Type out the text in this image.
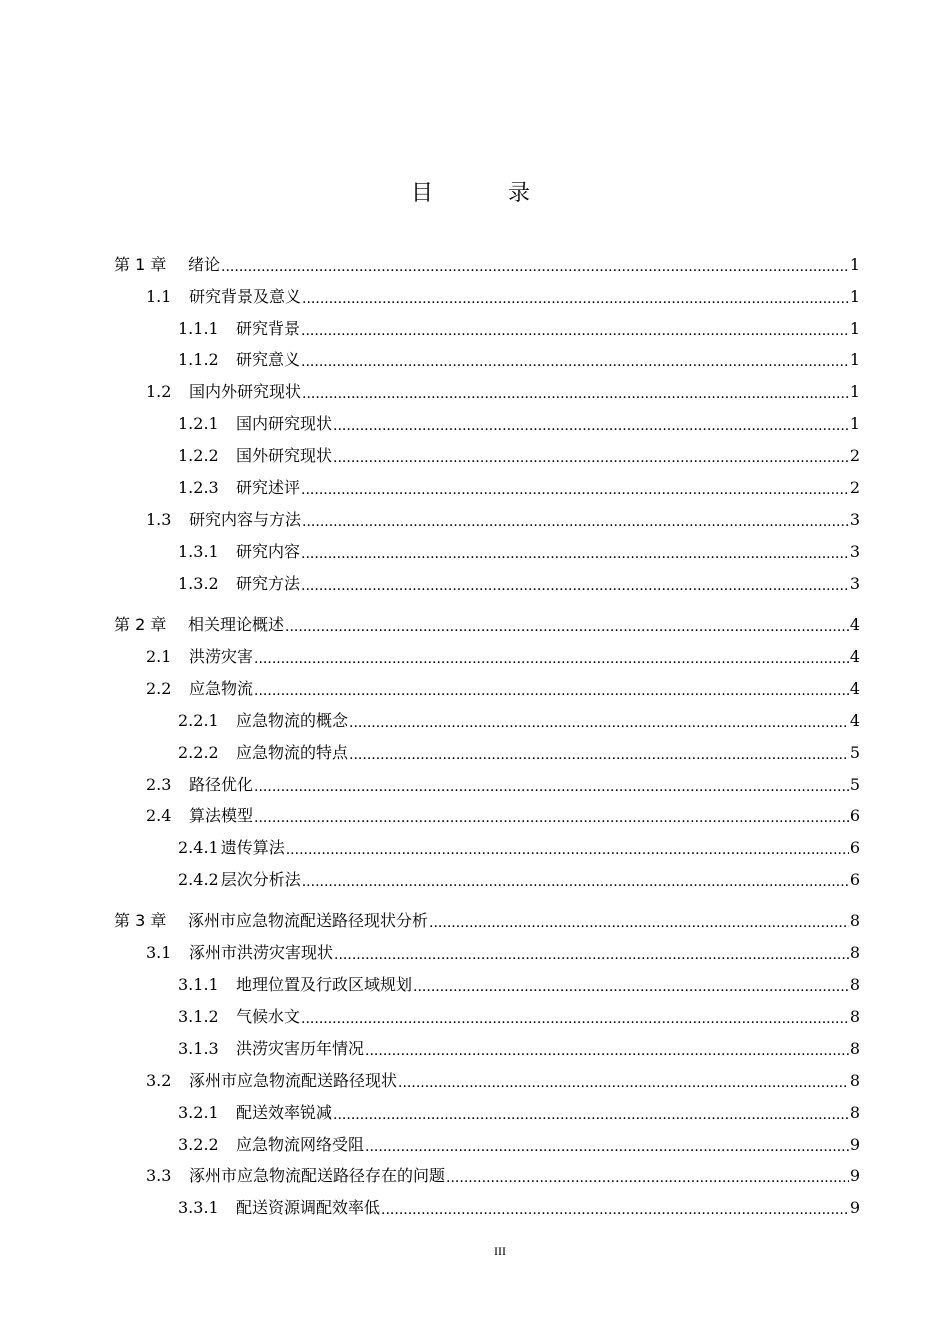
目 录
第 1 章	绪论 .....	1
1.1	研究背景及意义 .....	1
1.1.1	研究背景 .....	1
1.1.2	研究意义 .....	1
1.2	国内外研究现状 .....	1
1.2.1	国内研究现状 .....	1
1.2.2	国外研究现状 .....	2
1.2.3	研究述评 .....	2
1.3	研究内容与方法 .....	3
1.3.1	研究内容 .....	3
1.3.2	研究方法 .....	3
第 2 章	相关理论概述 .....	4
2.1	洪涝灾害 .....	4
2.2	应急物流 .....	4
2.2.1	应急物流的概念 .....	4
2.2.2	应急物流的特点 .....	5
2.3	路径优化 .....	5
2.4	算法模型 .....	6
2.4.1 遗传算法 .....	6
2.4.2 层次分析法 .....	6
第 3 章	涿州市应急物流配送路径现状分析 .....	8
3.1	涿州市洪涝灾害现状 .....	8
3.1.1	地理位置及行政区域规划 .....	8
3.1.2	气候水文 .....	8
3.1.3	洪涝灾害历年情况 .....	8
3.2	涿州市应急物流配送路径现状 .....	8
3.2.1	配送效率锐减 .....	8
3.2.2	应急物流网络受阻 .....	9
3.3	涿州市应急物流配送路径存在的问题 .....	9
3.3.1	配送资源调配效率低 .....	9
III
